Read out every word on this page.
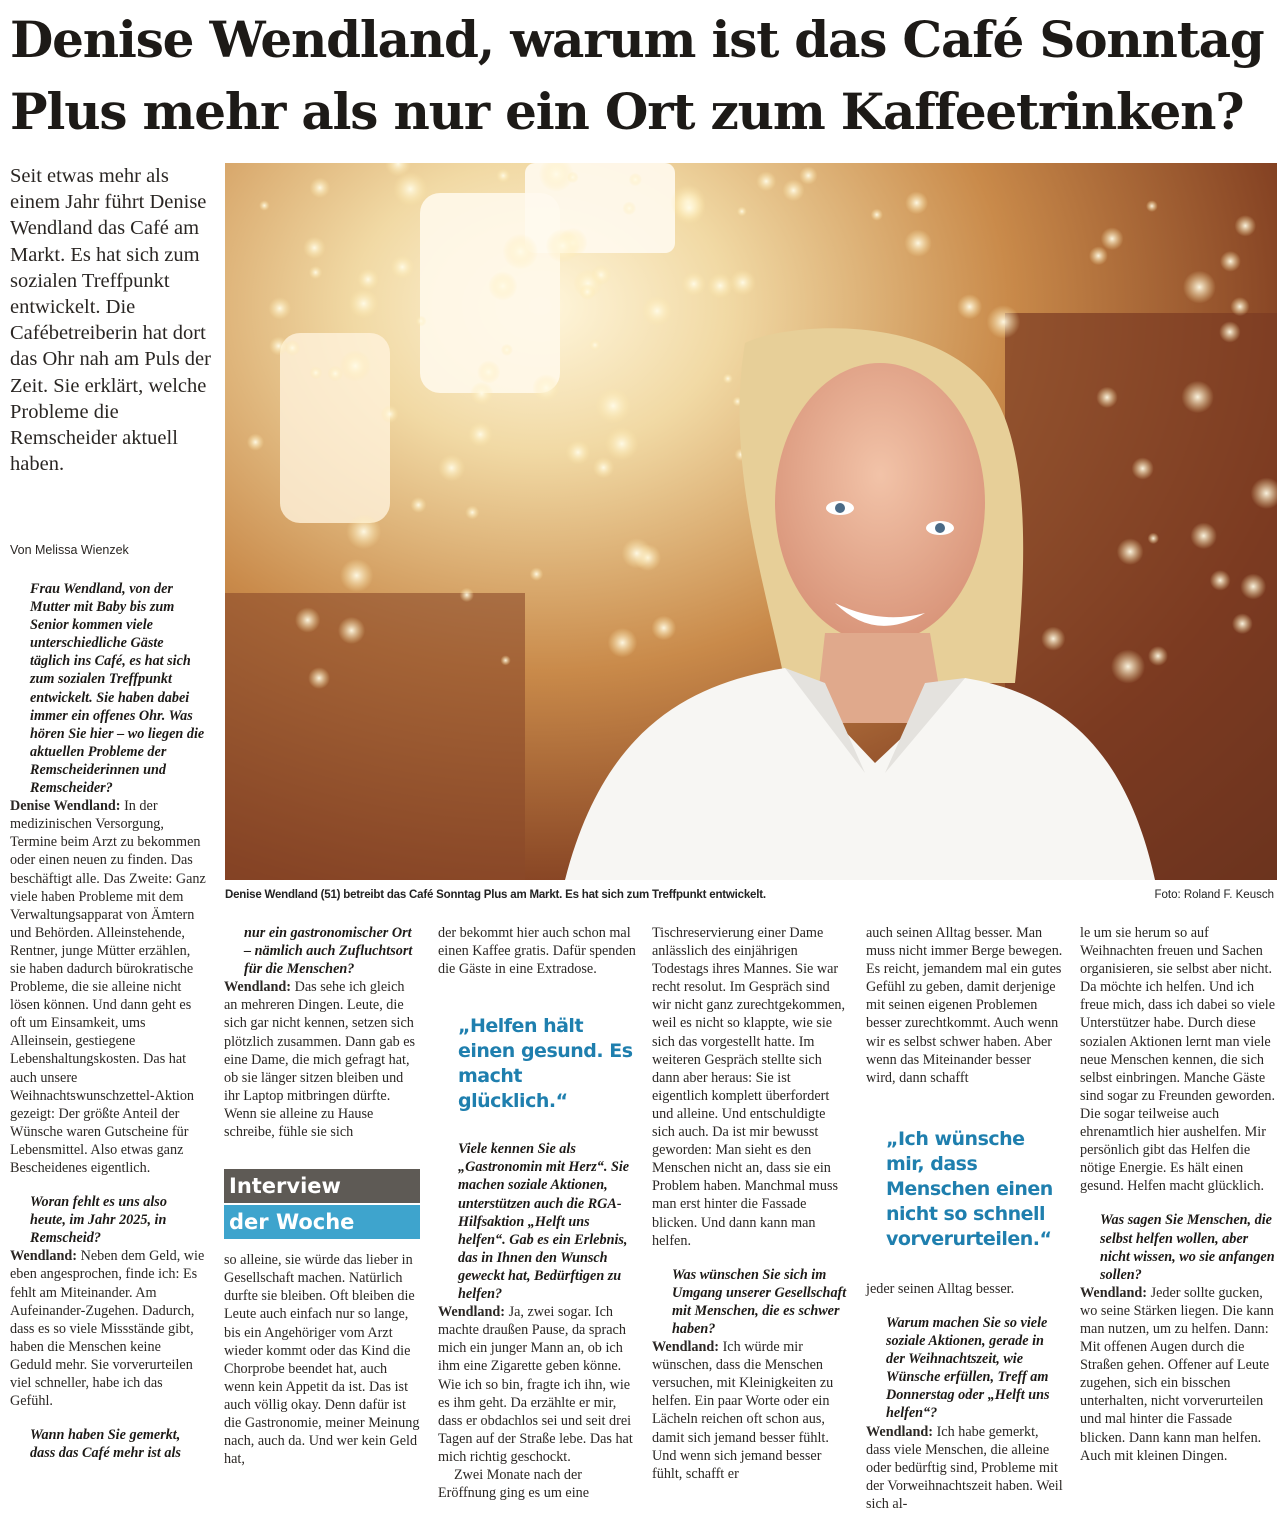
Denise Wendland, warum ist das Café Sonntag
Plus mehr als nur ein Ort zum Kaffeetrinken?
Seit etwas mehr als einem Jahr führt Denise Wendland das Café am Markt. Es hat sich zum sozialen Treffpunkt entwickelt. Die Cafébetreiberin hat dort das Ohr nah am Puls der Zeit. Sie erklärt, welche Probleme die Remscheider aktuell haben.
Von Melissa Wienzek
Denise Wendland (51) betreibt das Café Sonntag Plus am Markt. Es hat sich zum Treffpunkt entwickelt.	Foto: Roland F. Keusch

Frau Wendland, von der Mutter mit Baby bis zum Senior kommen viele unterschiedliche Gäste täglich ins Café, es hat sich zum sozialen Treffpunkt entwickelt. Sie haben dabei immer ein offenes Ohr. Was hören Sie hier – wo liegen die aktuellen Probleme der Remscheiderinnen und Remscheider?

Denise Wendland: In der medizinischen Versorgung, Termine beim Arzt zu bekommen oder einen neuen zu finden. Das beschäftigt alle. Das Zweite: Ganz viele haben Probleme mit dem Verwaltungsapparat von Ämtern und Behörden. Alleinstehende, Rentner, junge Mütter erzählen, sie haben dadurch bürokratische Probleme, die sie alleine nicht lösen können. Und dann geht es oft um Einsamkeit, ums Alleinsein, gestiegene Lebenshaltungskosten. Das hat auch unsere Weihnachtswunschzettel-Aktion gezeigt: Der größte Anteil der Wünsche waren Gutscheine für Lebensmittel. Also etwas ganz Bescheidenes eigentlich.

Woran fehlt es uns also heute, im Jahr 2025, in Remscheid?

Wendland: Neben dem Geld, wie eben angesprochen, finde ich: Es fehlt am Miteinander. Am Aufeinander-Zugehen. Dadurch, dass es so viele Missstände gibt, haben die Menschen keine Geduld mehr. Sie vorverurteilen viel schneller, habe ich das Gefühl.

Wann haben Sie gemerkt, dass das Café mehr ist als

nur ein gastronomischer Ort – nämlich auch Zufluchtsort für die Menschen?

Wendland: Das sehe ich gleich an mehreren Dingen. Leute, die sich gar nicht kennen, setzen sich plötzlich zusammen. Dann gab es eine Dame, die mich gefragt hat, ob sie länger sitzen bleiben und ihr Laptop mitbringen dürfte. Wenn sie alleine zu Hause schreibe, fühle sie sich

Interview
der Woche

so alleine, sie würde das lieber in Gesellschaft machen. Natürlich durfte sie bleiben. Oft bleiben die Leute auch einfach nur so lange, bis ein Angehöriger vom Arzt wieder kommt oder das Kind die Chorprobe beendet hat, auch wenn kein Appetit da ist. Das ist auch völlig okay. Denn dafür ist die Gastronomie, meiner Meinung nach, auch da. Und wer kein Geld hat,

der bekommt hier auch schon mal einen Kaffee gratis. Dafür spenden die Gäste in eine Extradose.

„Helfen hält einen gesund. Es macht glücklich.“

Viele kennen Sie als „Gastronomin mit Herz“. Sie machen soziale Aktionen, unterstützen auch die RGA-Hilfsaktion „Helft uns helfen“. Gab es ein Erlebnis, das in Ihnen den Wunsch geweckt hat, Bedürftigen zu helfen?

Wendland: Ja, zwei sogar. Ich machte draußen Pause, da sprach mich ein junger Mann an, ob ich ihm eine Zigarette geben könne. Wie ich so bin, fragte ich ihn, wie es ihm geht. Da erzählte er mir, dass er obdachlos sei und seit drei Tagen auf der Straße lebe. Das hat mich richtig geschockt.

Zwei Monate nach der Eröffnung ging es um eine

Tischreservierung einer Dame anlässlich des einjährigen Todestags ihres Mannes. Sie war recht resolut. Im Gespräch sind wir nicht ganz zurechtgekommen, weil es nicht so klappte, wie sie sich das vorgestellt hatte. Im weiteren Gespräch stellte sich dann aber heraus: Sie ist eigentlich komplett überfordert und alleine. Und entschuldigte sich auch. Da ist mir bewusst geworden: Man sieht es den Menschen nicht an, dass sie ein Problem haben. Manchmal muss man erst hinter die Fassade blicken. Und dann kann man helfen.

Was wünschen Sie sich im Umgang unserer Gesellschaft mit Menschen, die es schwer haben?

Wendland: Ich würde mir wünschen, dass die Menschen versuchen, mit Kleinigkeiten zu helfen. Ein paar Worte oder ein Lächeln reichen oft schon aus, damit sich jemand besser fühlt. Und wenn sich jemand besser fühlt, schafft er

auch seinen Alltag besser. Man muss nicht immer Berge bewegen. Es reicht, jemandem mal ein gutes Gefühl zu geben, damit derjenige mit seinen eigenen Problemen besser zurechtkommt. Auch wenn wir es selbst schwer haben. Aber wenn das Miteinander besser wird, dann schafft

„Ich wünsche mir, dass Menschen einen nicht so schnell vorverurteilen.“

jeder seinen Alltag besser.

Warum machen Sie so viele soziale Aktionen, gerade in der Weihnachtszeit, wie Wünsche erfüllen, Treff am Donnerstag oder „Helft uns helfen“?

Wendland: Ich habe gemerkt, dass viele Menschen, die alleine oder bedürftig sind, Probleme mit der Vorweihnachtszeit haben. Weil sich al-

le um sie herum so auf Weihnachten freuen und Sachen organisieren, sie selbst aber nicht. Da möchte ich helfen. Und ich freue mich, dass ich dabei so viele Unterstützer habe. Durch diese sozialen Aktionen lernt man viele neue Menschen kennen, die sich selbst einbringen. Manche Gäste sind sogar zu Freunden geworden. Die sogar teilweise auch ehrenamtlich hier aushelfen. Mir persönlich gibt das Helfen die nötige Energie. Es hält einen gesund. Helfen macht glücklich.

Was sagen Sie Menschen, die selbst helfen wollen, aber nicht wissen, wo sie anfangen sollen?

Wendland: Jeder sollte gucken, wo seine Stärken liegen. Die kann man nutzen, um zu helfen. Dann: Mit offenen Augen durch die Straßen gehen. Offener auf Leute zugehen, sich ein bisschen unterhalten, nicht vorverurteilen und mal hinter die Fassade blicken. Dann kann man helfen. Auch mit kleinen Dingen.
